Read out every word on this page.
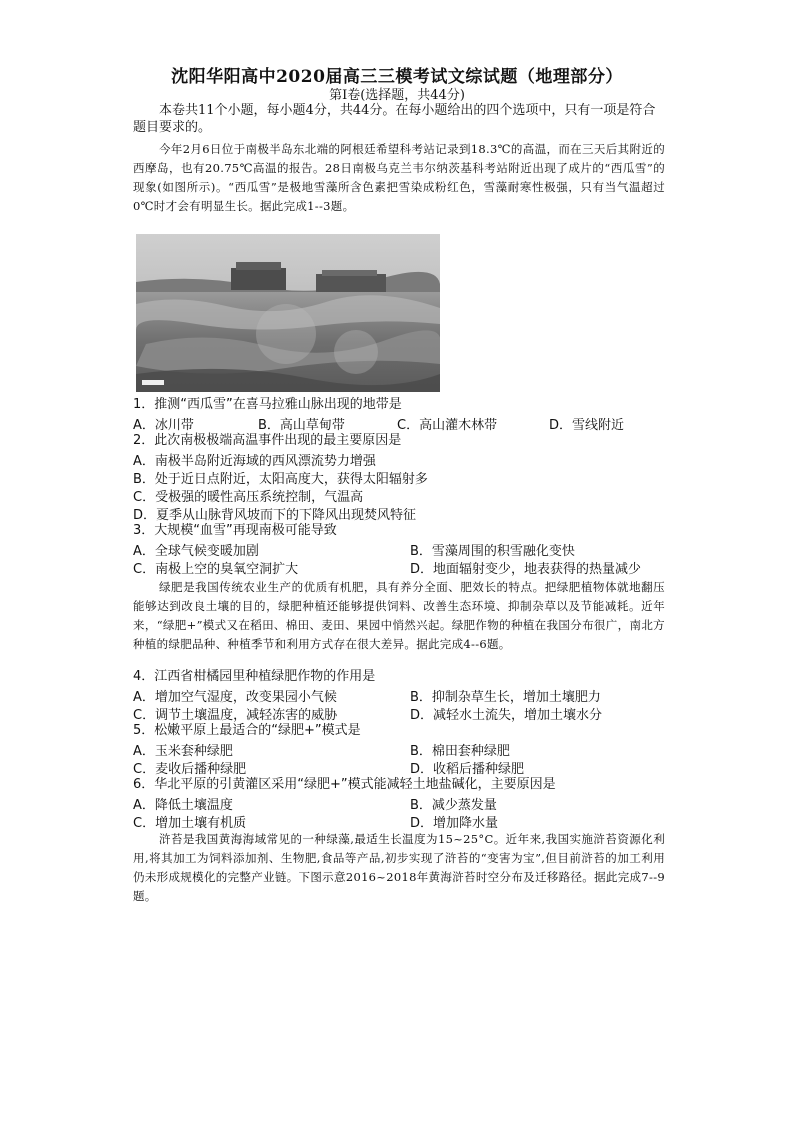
沈阳华阳高中2020届高三三模考试文综试题（地理部分）
第Ⅰ卷(选择题，共44分)
本卷共11个小题，每小题4分，共44分。在每小题给出的四个选项中，只有一项是符合题目要求的。

今年2月6日位于南极半岛东北端的阿根廷希望科考站记录到18.3℃的高温，而在三天后其附近的西摩岛，也有20.75℃高温的报告。28日南极乌克兰韦尔纳茨基科考站附近出现了成片的“西瓜雪”的现象(如图所示)。“西瓜雪”是极地雪藻所含色素把雪染成粉红色，雪藻耐寒性极强，只有当气温超过0℃时才会有明显生长。据此完成1--3题。

1．推测“西瓜雪”在喜马拉雅山脉出现的地带是
A．冰川带	B．高山草甸带	C．高山灌木林带	D．雪线附近
2．此次南极极端高温事件出现的最主要原因是
A．南极半岛附近海域的西风漂流势力增强
B．处于近日点附近，太阳高度大，获得太阳辐射多
C．受极强的暖性高压系统控制，气温高
D．夏季从山脉背风坡而下的下降风出现焚风特征
3．大规模“血雪”再现南极可能导致
A．全球气候变暖加剧	B．雪藻周围的积雪融化变快
C．南极上空的臭氧空洞扩大	D．地面辐射变少，地表获得的热量减少

绿肥是我国传统农业生产的优质有机肥，具有养分全面、肥效长的特点。把绿肥植物体就地翻压能够达到改良土壤的目的，绿肥种植还能够提供饲料、改善生态环境、抑制杂草以及节能减耗。近年来，“绿肥+”模式又在稻田、棉田、麦田、果园中悄然兴起。绿肥作物的种植在我国分布很广，南北方种植的绿肥品种、种植季节和利用方式存在很大差异。据此完成4--6题。

4．江西省柑橘园里种植绿肥作物的作用是
A．增加空气湿度，改变果园小气候	B．抑制杂草生长，增加土壤肥力
C．调节土壤温度，减轻冻害的威胁	D．减轻水土流失，增加土壤水分
5．松嫩平原上最适合的“绿肥+”模式是
A．玉米套种绿肥	B．棉田套种绿肥
C．麦收后播种绿肥	D．收稻后播种绿肥
6．华北平原的引黄灌区采用“绿肥+”模式能减轻土地盐碱化，主要原因是
A．降低土壤温度	B．减少蒸发量
C．增加土壤有机质	D．增加降水量

浒苔是我国黄海海域常见的一种绿藻,最适生长温度为15~25°C。近年来,我国实施浒苔资源化利用,将其加工为饲料添加剂、生物肥,食品等产品,初步实现了浒苔的“变害为宝”,但目前浒苔的加工利用仍未形成规模化的完整产业链。下图示意2016~2018年黄海浒苔时空分布及迁移路径。据此完成7--9题。
